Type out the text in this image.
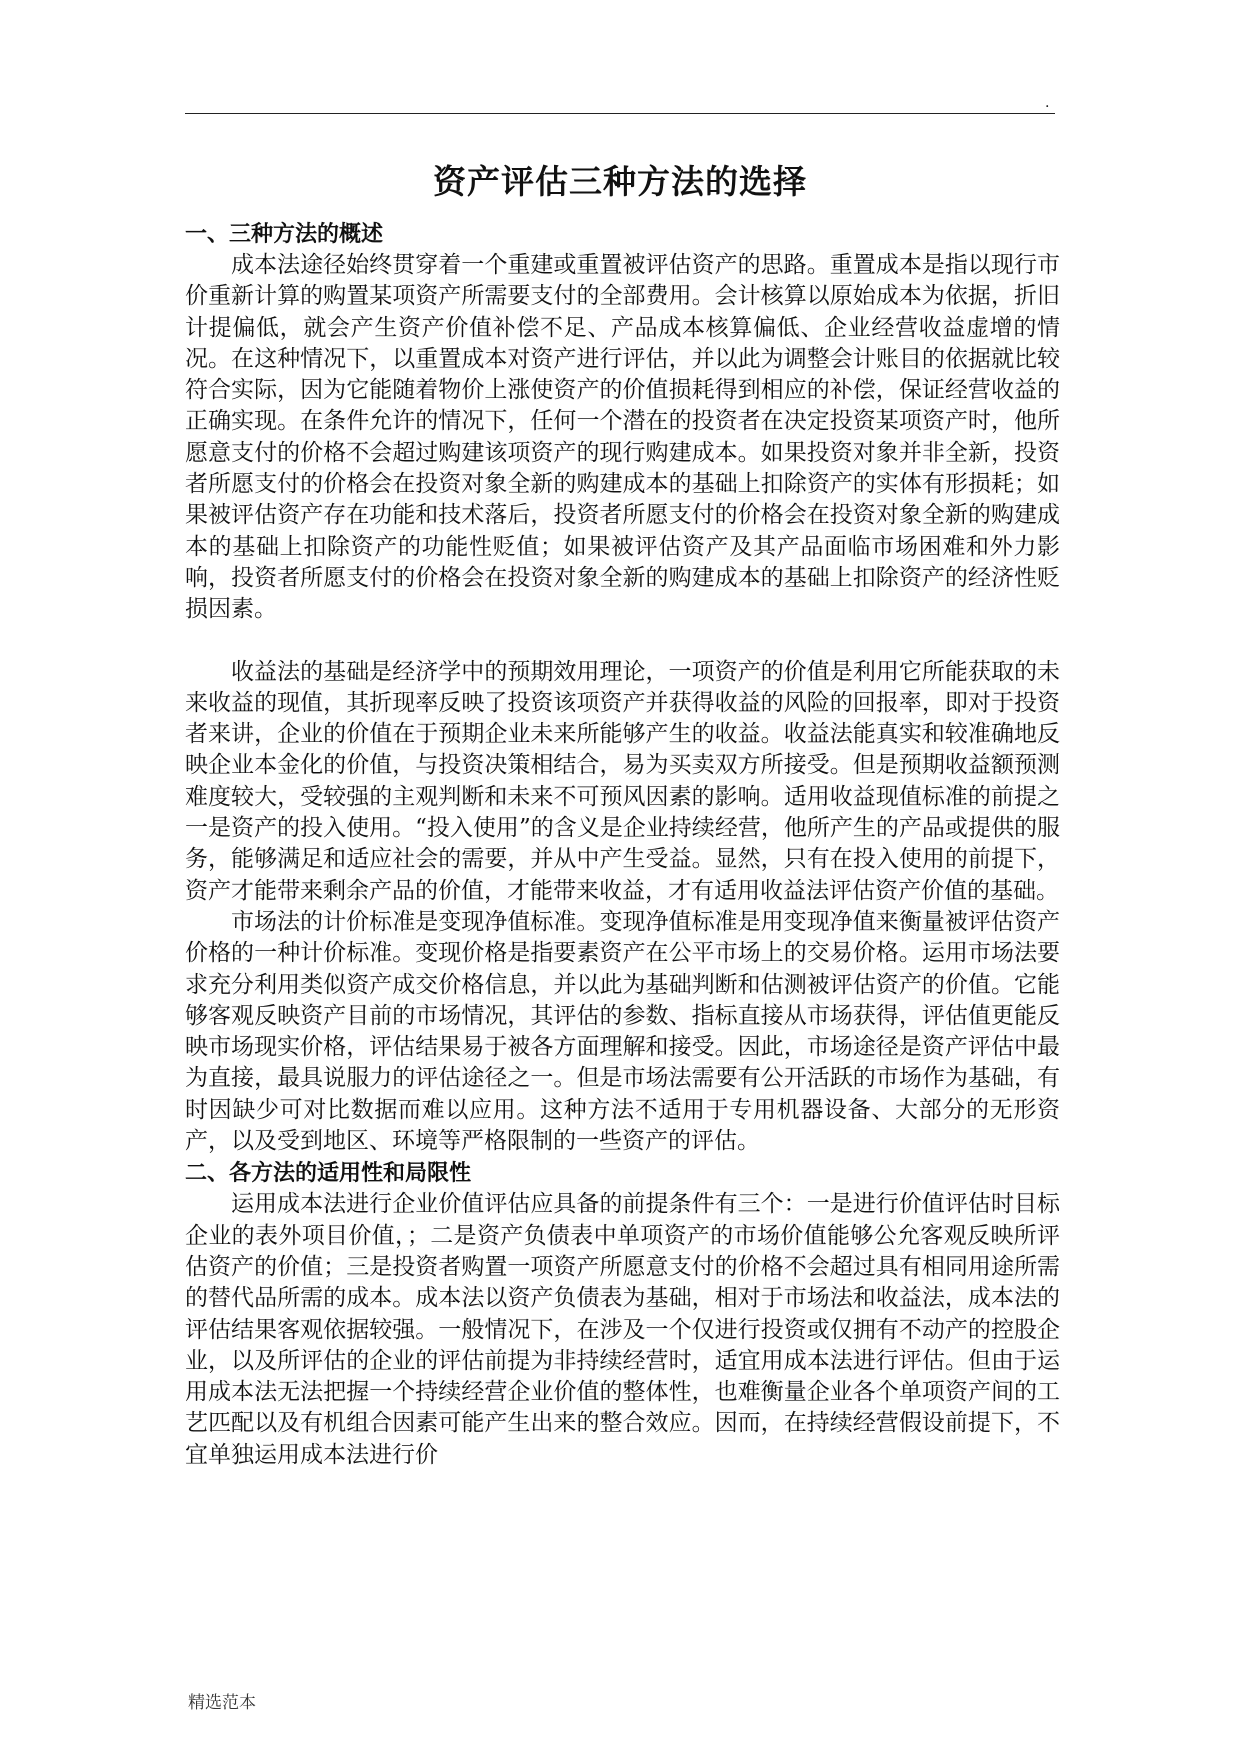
.
资产评估三种方法的选择
一、三种方法的概述

成本法途径始终贯穿着一个重建或重置被评估资产的思路。重置成本是指以现行市价重新计算的购置某项资产所需要支付的全部费用。会计核算以原始成本为依据，折旧计提偏低，就会产生资产价值补偿不足、产品成本核算偏低、企业经营收益虚增的情况。在这种情况下，以重置成本对资产进行评估，并以此为调整会计账目的依据就比较符合实际，因为它能随着物价上涨使资产的价值损耗得到相应的补偿，保证经营收益的正确实现。在条件允许的情况下，任何一个潜在的投资者在决定投资某项资产时，他所愿意支付的价格不会超过购建该项资产的现行购建成本。如果投资对象并非全新，投资者所愿支付的价格会在投资对象全新的购建成本的基础上扣除资产的实体有形损耗；如果被评估资产存在功能和技术落后，投资者所愿支付的价格会在投资对象全新的购建成本的基础上扣除资产的功能性贬值；如果被评估资产及其产品面临市场困难和外力影响，投资者所愿支付的价格会在投资对象全新的购建成本的基础上扣除资产的经济性贬损因素。

收益法的基础是经济学中的预期效用理论，一项资产的价值是利用它所能获取的未来收益的现值，其折现率反映了投资该项资产并获得收益的风险的回报率，即对于投资者来讲，企业的价值在于预期企业未来所能够产生的收益。收益法能真实和较准确地反映企业本金化的价值，与投资决策相结合，易为买卖双方所接受。但是预期收益额预测难度较大，受较强的主观判断和未来不可预风因素的影响。适用收益现值标准的前提之一是资产的投入使用。“投入使用”的含义是企业持续经营，他所产生的产品或提供的服务，能够满足和适应社会的需要，并从中产生受益。显然，只有在投入使用的前提下，资产才能带来剩余产品的价值，才能带来收益，才有适用收益法评估资产价值的基础。

市场法的计价标准是变现净值标准。变现净值标准是用变现净值来衡量被评估资产价格的一种计价标准。变现价格是指要素资产在公平市场上的交易价格。运用市场法要求充分利用类似资产成交价格信息，并以此为基础判断和估测被评估资产的价值。它能够客观反映资产目前的市场情况，其评估的参数、指标直接从市场获得，评估值更能反映市场现实价格，评估结果易于被各方面理解和接受。因此，市场途径是资产评估中最为直接，最具说服力的评估途径之一。但是市场法需要有公开活跃的市场作为基础，有时因缺少可对比数据而难以应用。这种方法不适用于专用机器设备、大部分的无形资产，以及受到地区、环境等严格限制的一些资产的评估。

二、各方法的适用性和局限性

运用成本法进行企业价值评估应具备的前提条件有三个：一是进行价值评估时目标企业的表外项目价值，；二是资产负债表中单项资产的市场价值能够公允客观反映所评估资产的价值；三是投资者购置一项资产所愿意支付的价格不会超过具有相同用途所需的替代品所需的成本。成本法以资产负债表为基础，相对于市场法和收益法，成本法的评估结果客观依据较强。一般情况下，在涉及一个仅进行投资或仅拥有不动产的控股企业，以及所评估的企业的评估前提为非持续经营时，适宜用成本法进行评估。但由于运用成本法无法把握一个持续经营企业价值的整体性，也难衡量企业各个单项资产间的工艺匹配以及有机组合因素可能产生出来的整合效应。因而，在持续经营假设前提下，不宜单独运用成本法进行价

精选范本
